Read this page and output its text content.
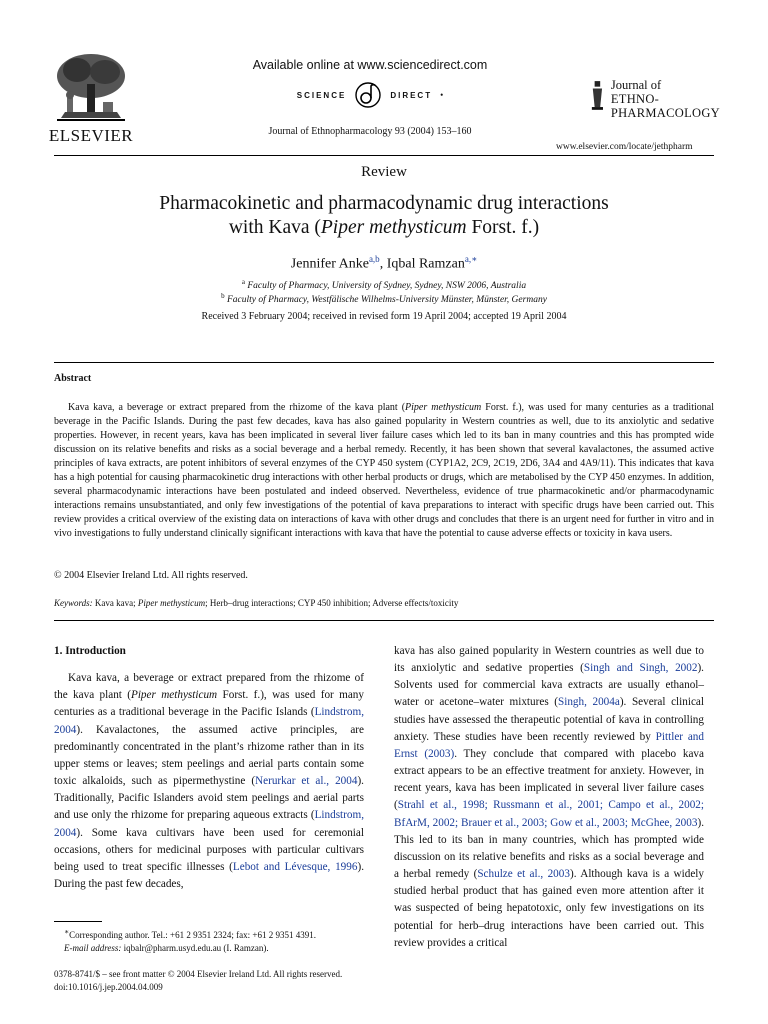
ELSEVIER
Available online at www.sciencedirect.com
SCIENCE	DIRECT •
Journal of Ethnopharmacology 93 (2004) 153–160
Journal of
ETHNO-
PHARMACOLOGY
www.elsevier.com/locate/jethpharm
Review
Pharmacokinetic and pharmacodynamic drug interactions
with Kava (Piper methysticum Forst. f.)
Jennifer Anke$^{a,b}$, Iqbal Ramzan$^{a,∗}$
$^a$ Faculty of Pharmacy, University of Sydney, Sydney, NSW 2006, Australia
$^b$ Faculty of Pharmacy, Westfälische Wilhelms-University Münster, Münster, Germany
Received 3 February 2004; received in revised form 19 April 2004; accepted 19 April 2004
Abstract
Kava kava, a beverage or extract prepared from the rhizome of the kava plant (Piper methysticum Forst. f.), was used for many centuries as a traditional beverage in the Pacific Islands. During the past few decades, kava has also gained popularity in Western countries as well, due to its anxiolytic and sedative properties. However, in recent years, kava has been implicated in several liver failure cases which led to its ban in many countries and this has prompted wide discussion on its relative benefits and risks as a social beverage and a herbal remedy. Recently, it has been shown that several kavalactones, the assumed active principles of kava extracts, are potent inhibitors of several enzymes of the CYP 450 system (CYP1A2, 2C9, 2C19, 2D6, 3A4 and 4A9/11). This indicates that kava has a high potential for causing pharmacokinetic drug interactions with other herbal products or drugs, which are metabolised by the CYP 450 enzymes. In addition, several pharmacodynamic interactions have been postulated and indeed observed. Nevertheless, evidence of true pharmacokinetic and/or pharmacodynamic interactions remains unsubstantiated, and only few investigations of the potential of kava preparations to interact with specific drugs have been carried out. This review provides a critical overview of the existing data on interactions of kava with other drugs and concludes that there is an urgent need for further in vitro and in vivo investigations to fully understand clinically significant interactions with kava that have the potential to cause adverse effects or toxicity in kava users.
© 2004 Elsevier Ireland Ltd. All rights reserved.
Keywords: Kava kava; Piper methysticum; Herb–drug interactions; CYP 450 inhibition; Adverse effects/toxicity
1. Introduction
Kava kava, a beverage or extract prepared from the rhizome of the kava plant (Piper methysticum Forst. f.), was used for many centuries as a traditional beverage in the Pacific Islands (Lindstrom, 2004). Kavalactones, the assumed active principles, are predominantly concentrated in the plant’s rhizome rather than in its upper stems or leaves; stem peelings and aerial parts contain some toxic alkaloids, such as pipermethystine (Nerurkar et al., 2004). Traditionally, Pacific Islanders avoid stem peelings and aerial parts and use only the rhizome for preparing aqueous extracts (Lindstrom, 2004). Some kava cultivars have been used for ceremonial occasions, others for medicinal purposes with particular cultivars being used to treat specific illnesses (Lebot and Lévesque, 1996). During the past few decades,
kava has also gained popularity in Western countries as well due to its anxiolytic and sedative properties (Singh and Singh, 2002). Solvents used for commercial kava extracts are usually ethanol–water or acetone–water mixtures (Singh, 2004a). Several clinical studies have assessed the therapeutic potential of kava in controlling anxiety. These studies have been recently reviewed by Pittler and Ernst (2003). They conclude that compared with placebo kava extract appears to be an effective treatment for anxiety. However, in recent years, kava has been implicated in several liver failure cases (Strahl et al., 1998; Russmann et al., 2001; Campo et al., 2002; BfArM, 2002; Brauer et al., 2003; Gow et al., 2003; McGhee, 2003). This led to its ban in many countries, which has prompted wide discussion on its relative benefits and risks as a social beverage and a herbal remedy (Schulze et al., 2003). Although kava is a widely studied herbal product that has gained even more attention after it was suspected of being hepatotoxic, only few investigations on its potential for herb–drug interactions have been carried out. This review provides a critical
∗Corresponding author. Tel.: +61 2 9351 2324; fax: +61 2 9351 4391.
E-mail address: iqbalr@pharm.usyd.edu.au (I. Ramzan).
0378-8741/$ – see front matter © 2004 Elsevier Ireland Ltd. All rights reserved.
doi:10.1016/j.jep.2004.04.009
